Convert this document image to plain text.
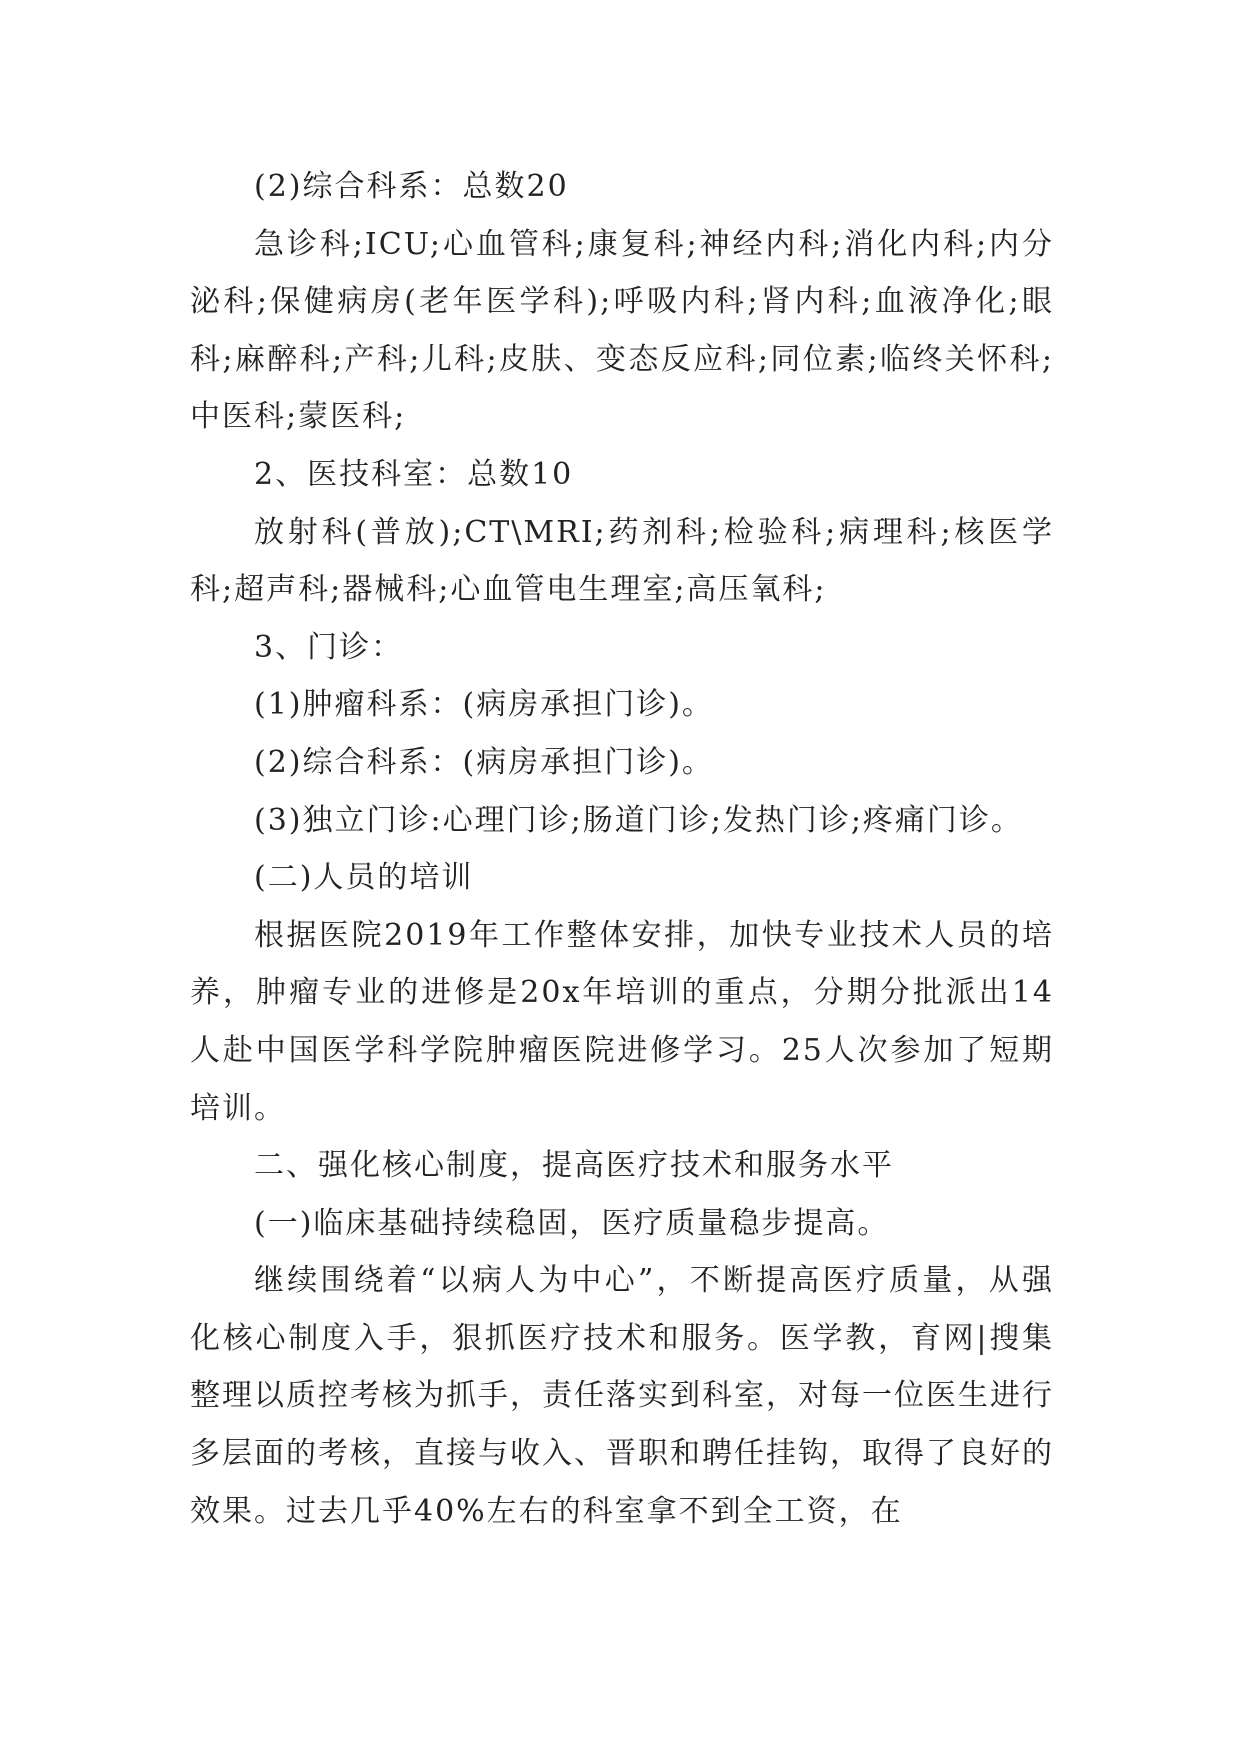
(2)综合科系：总数20

急诊科;ICU;心血管科;康复科;神经内科;消化内科;内分泌科;保健病房(老年医学科);呼吸内科;肾内科;血液净化;眼科;麻醉科;产科;儿科;皮肤、变态反应科;同位素;临终关怀科;中医科;蒙医科;

2、医技科室：总数10

放射科(普放);CT\MRI;药剂科;检验科;病理科;核医学科;超声科;器械科;心血管电生理室;高压氧科;

3、门诊：

(1)肿瘤科系：(病房承担门诊)。

(2)综合科系：(病房承担门诊)。

(3)独立门诊:心理门诊;肠道门诊;发热门诊;疼痛门诊。

(二)人员的培训

根据医院2019年工作整体安排，加快专业技术人员的培养，肿瘤专业的进修是20x年培训的重点，分期分批派出14人赴中国医学科学院肿瘤医院进修学习。25人次参加了短期培训。

二、强化核心制度，提高医疗技术和服务水平

(一)临床基础持续稳固，医疗质量稳步提高。

继续围绕着“以病人为中心”，不断提高医疗质量，从强化核心制度入手，狠抓医疗技术和服务。医学教，育网|搜集整理以质控考核为抓手，责任落实到科室，对每一位医生进行多层面的考核，直接与收入、晋职和聘任挂钩，取得了良好的效果。过去几乎40%左右的科室拿不到全工资，在
